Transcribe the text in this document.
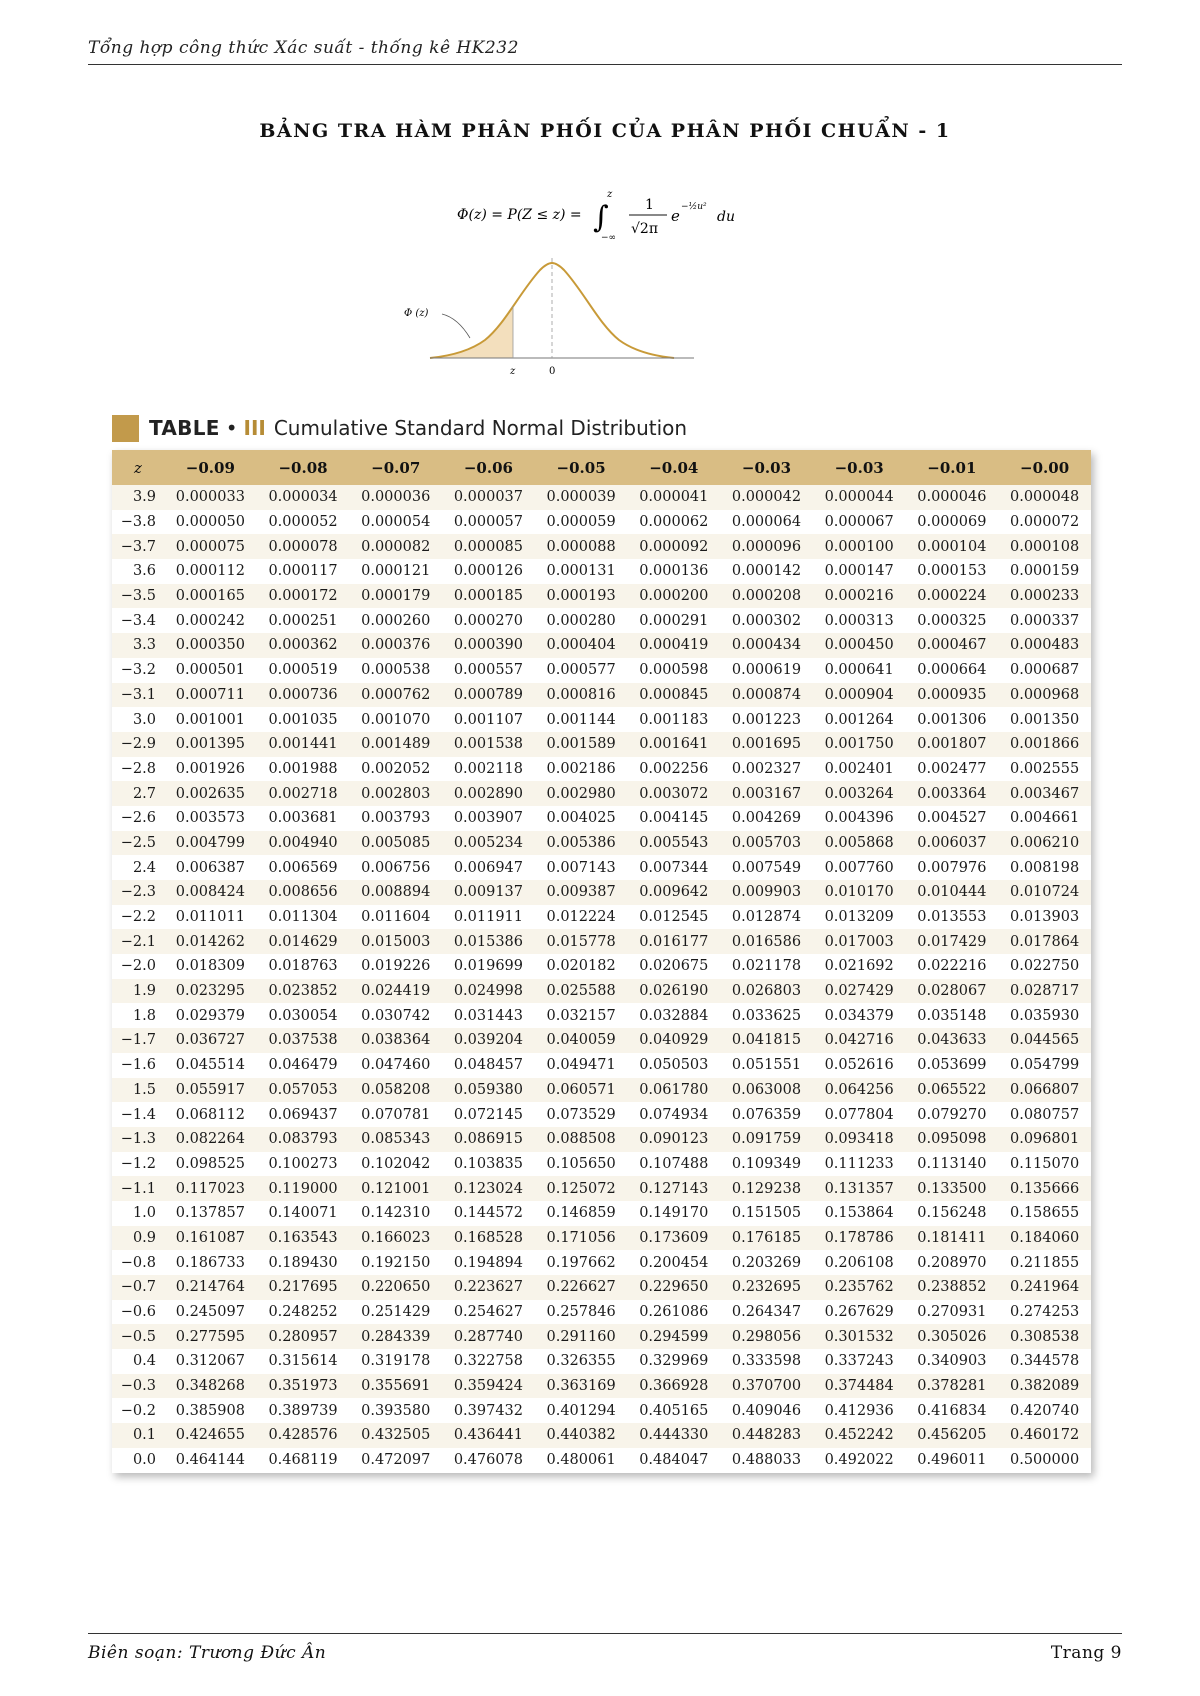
Tổng hợp công thức Xác suất - thống kê HK232
BẢNG TRA HÀM PHÂN PHỐI CỦA PHÂN PHỐI CHUẨN - 1
Φ(z) = P(Z ≤ z) = ∫
z
−∞
1
√2π
e −½u²
du
Φ (z)
z	0
TABLE • III Cumulative Standard Normal Distribution
z	−0.09	−0.08	−0.07	−0.06	−0.05	−0.04	−0.03	−0.03	−0.01	−0.00
3.9	0.000033	0.000034	0.000036	0.000037	0.000039	0.000041	0.000042	0.000044	0.000046	0.000048
−3.8	0.000050	0.000052	0.000054	0.000057	0.000059	0.000062	0.000064	0.000067	0.000069	0.000072
−3.7	0.000075	0.000078	0.000082	0.000085	0.000088	0.000092	0.000096	0.000100	0.000104	0.000108
3.6	0.000112	0.000117	0.000121	0.000126	0.000131	0.000136	0.000142	0.000147	0.000153	0.000159
−3.5	0.000165	0.000172	0.000179	0.000185	0.000193	0.000200	0.000208	0.000216	0.000224	0.000233
−3.4	0.000242	0.000251	0.000260	0.000270	0.000280	0.000291	0.000302	0.000313	0.000325	0.000337
3.3	0.000350	0.000362	0.000376	0.000390	0.000404	0.000419	0.000434	0.000450	0.000467	0.000483
−3.2	0.000501	0.000519	0.000538	0.000557	0.000577	0.000598	0.000619	0.000641	0.000664	0.000687
−3.1	0.000711	0.000736	0.000762	0.000789	0.000816	0.000845	0.000874	0.000904	0.000935	0.000968
3.0	0.001001	0.001035	0.001070	0.001107	0.001144	0.001183	0.001223	0.001264	0.001306	0.001350
−2.9	0.001395	0.001441	0.001489	0.001538	0.001589	0.001641	0.001695	0.001750	0.001807	0.001866
−2.8	0.001926	0.001988	0.002052	0.002118	0.002186	0.002256	0.002327	0.002401	0.002477	0.002555
2.7	0.002635	0.002718	0.002803	0.002890	0.002980	0.003072	0.003167	0.003264	0.003364	0.003467
−2.6	0.003573	0.003681	0.003793	0.003907	0.004025	0.004145	0.004269	0.004396	0.004527	0.004661
−2.5	0.004799	0.004940	0.005085	0.005234	0.005386	0.005543	0.005703	0.005868	0.006037	0.006210
2.4	0.006387	0.006569	0.006756	0.006947	0.007143	0.007344	0.007549	0.007760	0.007976	0.008198
−2.3	0.008424	0.008656	0.008894	0.009137	0.009387	0.009642	0.009903	0.010170	0.010444	0.010724
−2.2	0.011011	0.011304	0.011604	0.011911	0.012224	0.012545	0.012874	0.013209	0.013553	0.013903
−2.1	0.014262	0.014629	0.015003	0.015386	0.015778	0.016177	0.016586	0.017003	0.017429	0.017864
−2.0	0.018309	0.018763	0.019226	0.019699	0.020182	0.020675	0.021178	0.021692	0.022216	0.022750
1.9	0.023295	0.023852	0.024419	0.024998	0.025588	0.026190	0.026803	0.027429	0.028067	0.028717
1.8	0.029379	0.030054	0.030742	0.031443	0.032157	0.032884	0.033625	0.034379	0.035148	0.035930
−1.7	0.036727	0.037538	0.038364	0.039204	0.040059	0.040929	0.041815	0.042716	0.043633	0.044565
−1.6	0.045514	0.046479	0.047460	0.048457	0.049471	0.050503	0.051551	0.052616	0.053699	0.054799
1.5	0.055917	0.057053	0.058208	0.059380	0.060571	0.061780	0.063008	0.064256	0.065522	0.066807
−1.4	0.068112	0.069437	0.070781	0.072145	0.073529	0.074934	0.076359	0.077804	0.079270	0.080757
−1.3	0.082264	0.083793	0.085343	0.086915	0.088508	0.090123	0.091759	0.093418	0.095098	0.096801
−1.2	0.098525	0.100273	0.102042	0.103835	0.105650	0.107488	0.109349	0.111233	0.113140	0.115070
−1.1	0.117023	0.119000	0.121001	0.123024	0.125072	0.127143	0.129238	0.131357	0.133500	0.135666
1.0	0.137857	0.140071	0.142310	0.144572	0.146859	0.149170	0.151505	0.153864	0.156248	0.158655
0.9	0.161087	0.163543	0.166023	0.168528	0.171056	0.173609	0.176185	0.178786	0.181411	0.184060
−0.8	0.186733	0.189430	0.192150	0.194894	0.197662	0.200454	0.203269	0.206108	0.208970	0.211855
−0.7	0.214764	0.217695	0.220650	0.223627	0.226627	0.229650	0.232695	0.235762	0.238852	0.241964
−0.6	0.245097	0.248252	0.251429	0.254627	0.257846	0.261086	0.264347	0.267629	0.270931	0.274253
−0.5	0.277595	0.280957	0.284339	0.287740	0.291160	0.294599	0.298056	0.301532	0.305026	0.308538
0.4	0.312067	0.315614	0.319178	0.322758	0.326355	0.329969	0.333598	0.337243	0.340903	0.344578
−0.3	0.348268	0.351973	0.355691	0.359424	0.363169	0.366928	0.370700	0.374484	0.378281	0.382089
−0.2	0.385908	0.389739	0.393580	0.397432	0.401294	0.405165	0.409046	0.412936	0.416834	0.420740
0.1	0.424655	0.428576	0.432505	0.436441	0.440382	0.444330	0.448283	0.452242	0.456205	0.460172
0.0	0.464144	0.468119	0.472097	0.476078	0.480061	0.484047	0.488033	0.492022	0.496011	0.500000
Biên soạn: Trương Đức Ân	Trang 9
